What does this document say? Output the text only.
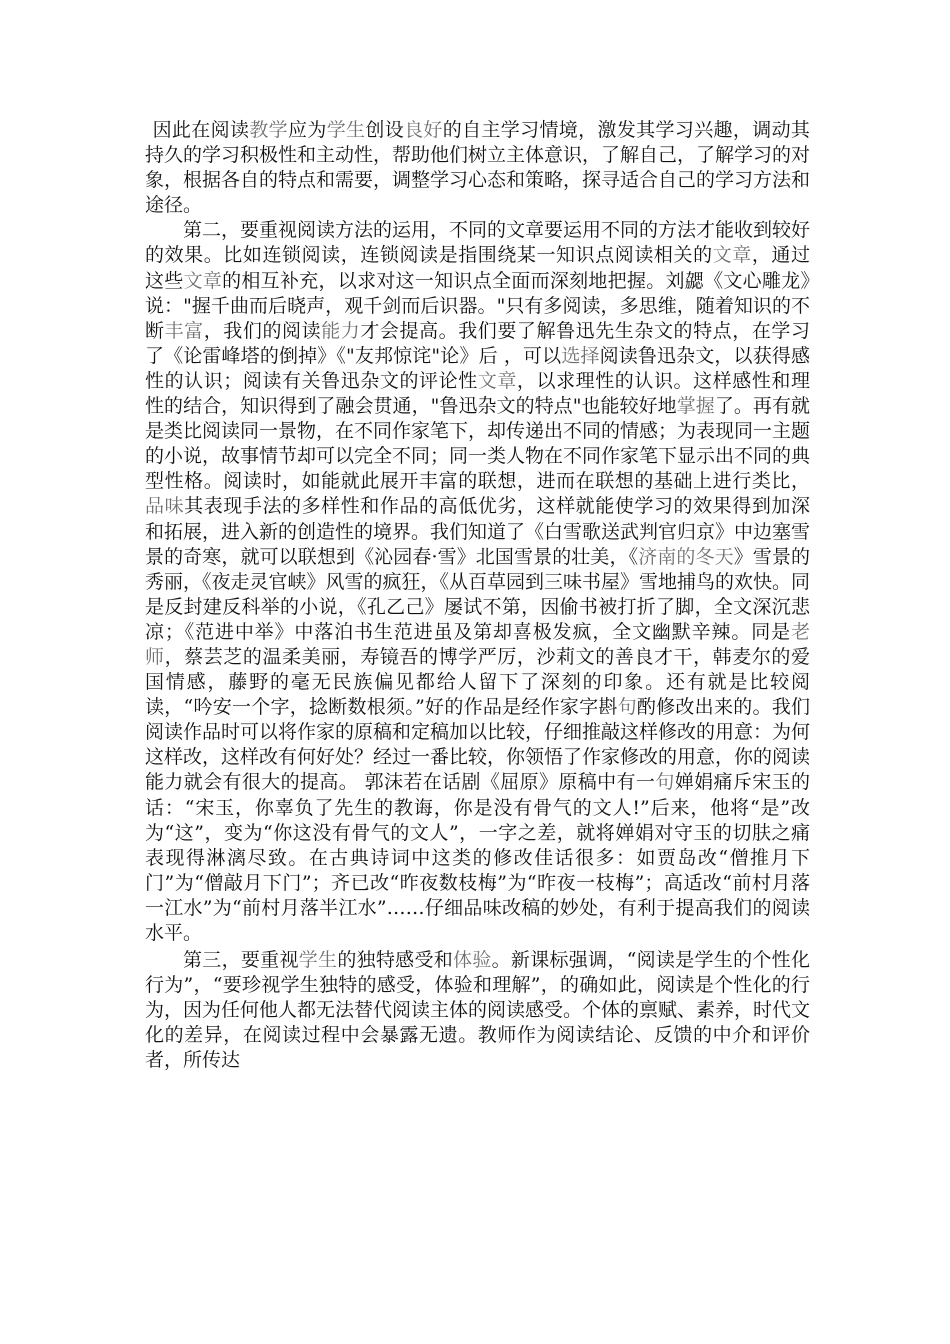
因此在阅读教学应为学生创设良好的自主学习情境，激发其学习兴趣，调动其持久的学习积极性和主动性，帮助他们树立主体意识，了解自己，了解学习的对象，根据各自的特点和需要，调整学习心态和策略，探寻适合自己的学习方法和途径。

第二，要重视阅读方法的运用，不同的文章要运用不同的方法才能收到较好的效果。比如连锁阅读，连锁阅读是指围绕某一知识点阅读相关的文章，通过这些文章的相互补充，以求对这一知识点全面而深刻地把握。刘勰《文心雕龙》说："握千曲而后晓声，观千剑而后识器。"只有多阅读，多思维，随着知识的不断丰富，我们的阅读能力才会提高。我们要了解鲁迅先生杂文的特点，在学习了《论雷峰塔的倒掉》《"友邦惊诧"论》后 ，可以选择阅读鲁迅杂文，以获得感性的认识；阅读有关鲁迅杂文的评论性文章，以求理性的认识。这样感性和理性的结合，知识得到了融会贯通，"鲁迅杂文的特点"也能较好地掌握了。再有就是类比阅读同一景物，在不同作家笔下，却传递出不同的情感；为表现同一主题的小说，故事情节却可以完全不同；同一类人物在不同作家笔下显示出不同的典型性格。阅读时，如能就此展开丰富的联想，进而在联想的基础上进行类比，品味其表现手法的多样性和作品的高低优劣，这样就能使学习的效果得到加深和拓展，进入新的创造性的境界。我们知道了《白雪歌送武判官归京》中边塞雪景的奇寒，就可以联想到《沁园春·雪》北国雪景的壮美，《济南的冬天》雪景的秀丽，《夜走灵官峡》风雪的疯狂，《从百草园到三味书屋》雪地捕鸟的欢快。同是反封建反科举的小说，《孔乙己》屡试不第，因偷书被打折了脚，全文深沉悲凉；《范进中举》中落泊书生范进虽及第却喜极发疯，全文幽默辛辣。同是老师，蔡芸芝的温柔美丽，寿镜吾的博学严厉，沙莉文的善良才干，韩麦尔的爱国情感，藤野的毫无民族偏见都给人留下了深刻的印象。还有就是比较阅读，“吟安一个字，捻断数根须。”好的作品是经作家字斟句酌修改出来的。我们阅读作品时可以将作家的原稿和定稿加以比较，仔细推敲这样修改的用意：为何这样改，这样改有何好处？经过一番比较，你领悟了作家修改的用意，你的阅读能力就会有很大的提高。 郭沫若在话剧《屈原》原稿中有一句婵娟痛斥宋玉的话：“宋玉，你辜负了先生的教诲，你是没有骨气的文人!”后来，他将“是”改为“这”，变为“你这没有骨气的文人”，一字之差，就将婵娟对守玉的切肤之痛表现得淋漓尽致。在古典诗词中这类的修改佳话很多：如贾岛改“僧推月下门”为“僧敲月下门”；齐已改“昨夜数枝梅”为“昨夜一枝梅”；高适改“前村月落一江水”为“前村月落半江水”……仔细品味改稿的妙处，有利于提高我们的阅读水平。

第三，要重视学生的独特感受和体验。新课标强调，“阅读是学生的个性化行为”，“要珍视学生独特的感受，体验和理解”，的确如此，阅读是个性化的行为，因为任何他人都无法替代阅读主体的阅读感受。个体的禀赋、素养，时代文化的差异，在阅读过程中会暴露无遗。教师作为阅读结论、反馈的中介和评价者，所传达
